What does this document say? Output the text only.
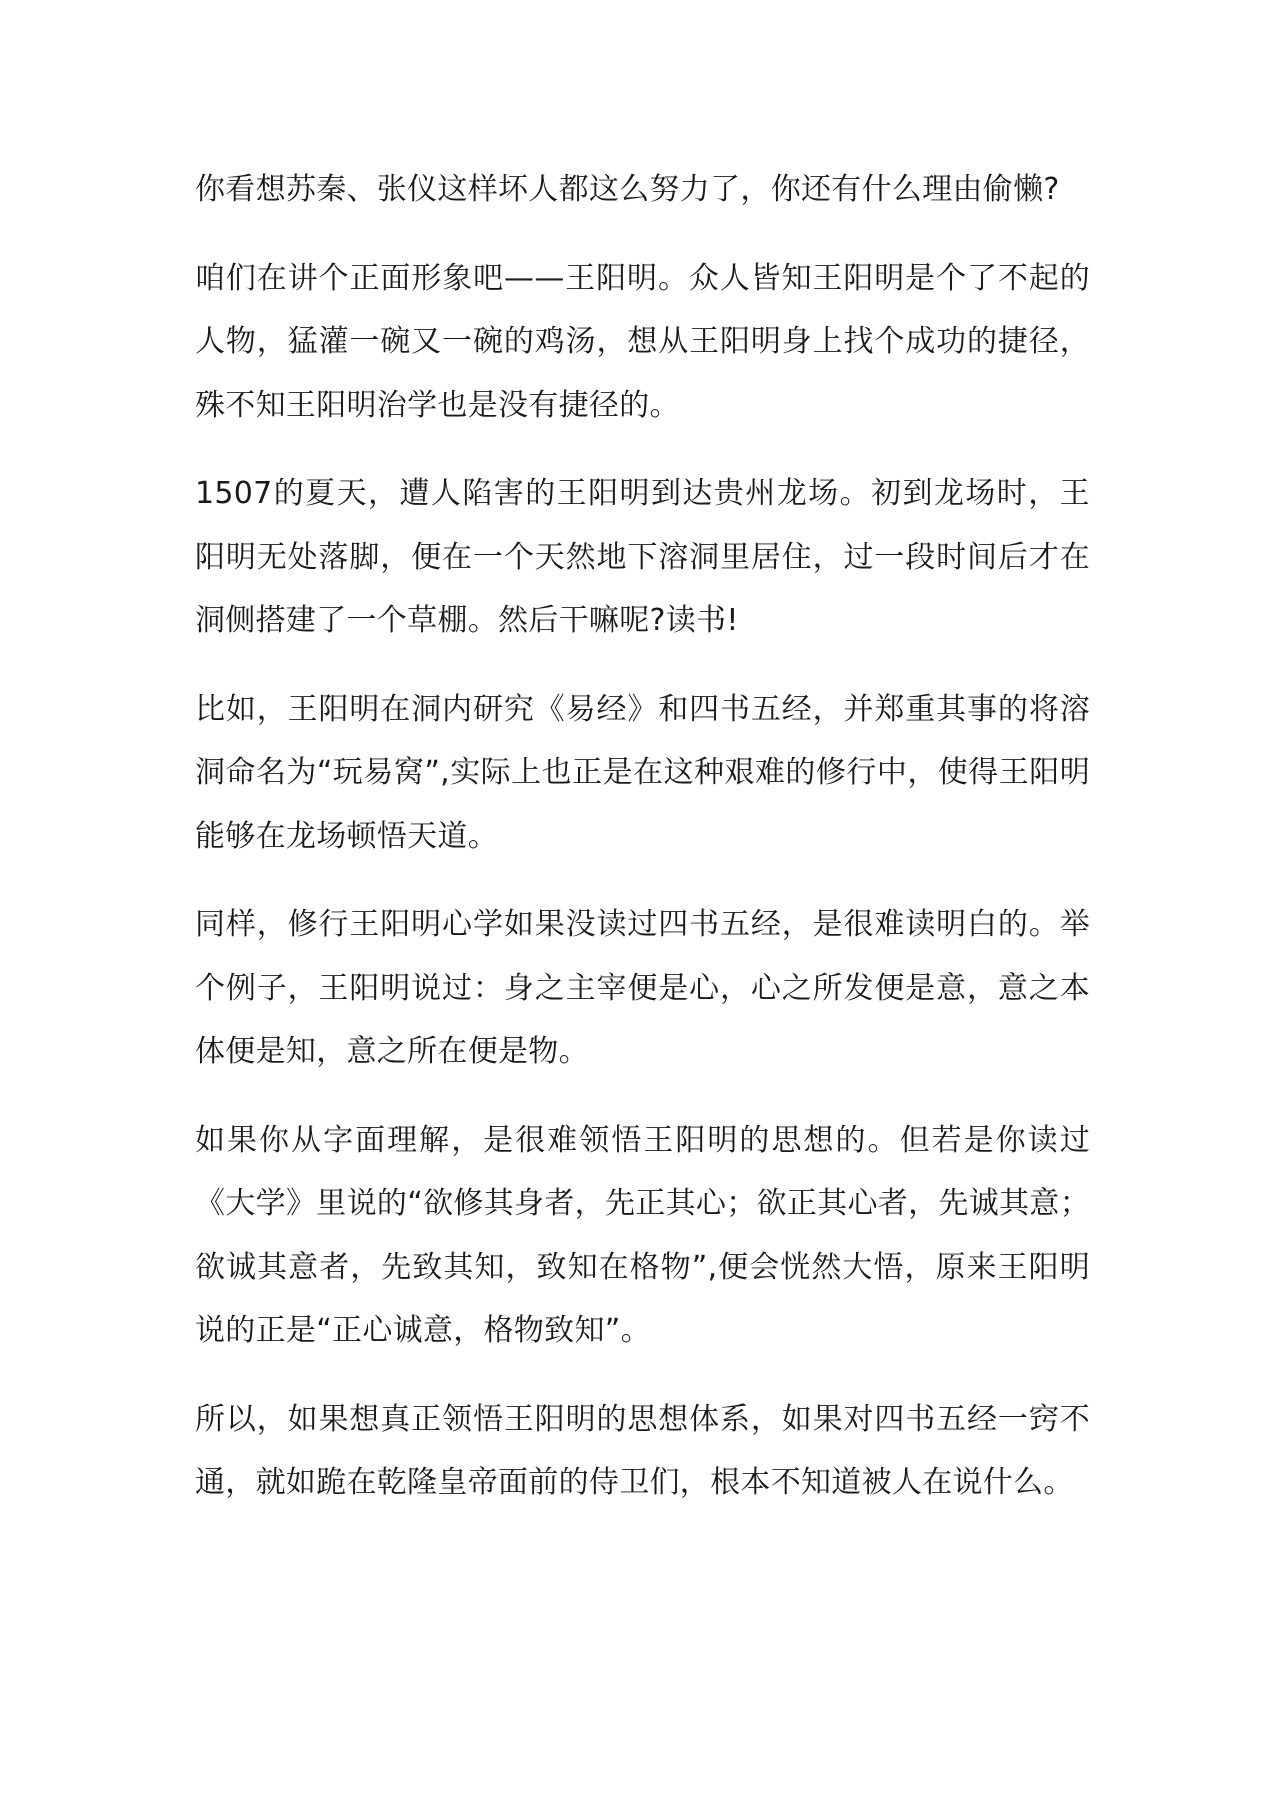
你看想苏秦、张仪这样坏人都这么努力了，你还有什么理由偷懒?

咱们在讲个正面形象吧——王阳明。众人皆知王阳明是个了不起的人物，猛灌一碗又一碗的鸡汤，想从王阳明身上找个成功的捷径，殊不知王阳明治学也是没有捷径的。

1507的夏天，遭人陷害的王阳明到达贵州龙场。初到龙场时，王阳明无处落脚，便在一个天然地下溶洞里居住，过一段时间后才在洞侧搭建了一个草棚。然后干嘛呢?读书!

比如，王阳明在洞内研究《易经》和四书五经，并郑重其事的将溶洞命名为“玩易窝”,实际上也正是在这种艰难的修行中，使得王阳明能够在龙场顿悟天道。

同样，修行王阳明心学如果没读过四书五经，是很难读明白的。举个例子，王阳明说过：身之主宰便是心，心之所发便是意，意之本体便是知，意之所在便是物。

如果你从字面理解，是很难领悟王阳明的思想的。但若是你读过《大学》里说的“欲修其身者，先正其心；欲正其心者，先诚其意；欲诚其意者，先致其知，致知在格物”,便会恍然大悟，原来王阳明说的正是“正心诚意，格物致知”。

所以，如果想真正领悟王阳明的思想体系，如果对四书五经一窍不通，就如跪在乾隆皇帝面前的侍卫们，根本不知道被人在说什么。
